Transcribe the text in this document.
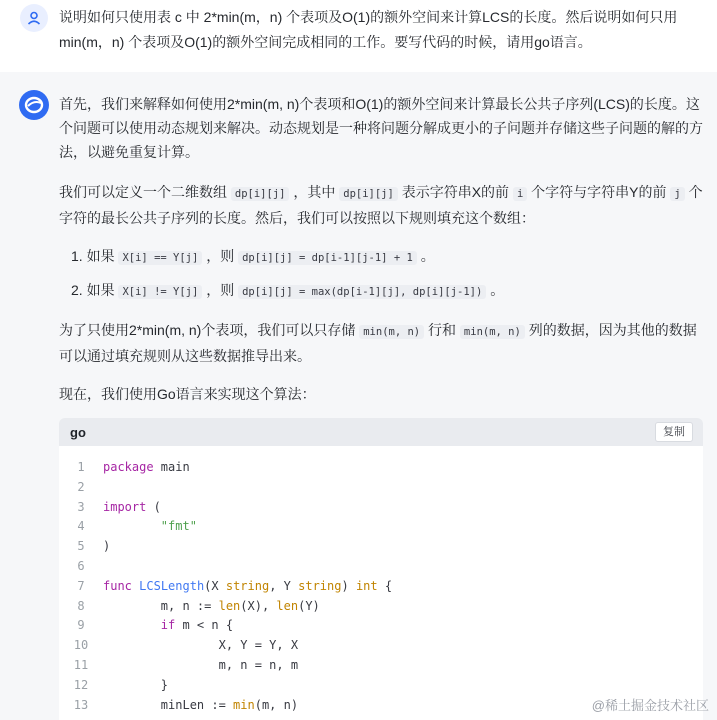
说明如何只使用表 c 中 2*min(m，n) 个表项及O(1)的额外空间来计算LCS的长度。然后说明如何只用 min(m，n) 个表项及O(1)的额外空间完成相同的工作。要写代码的时候，请用go语言。

首先，我们来解释如何使用2*min(m, n)个表项和O(1)的额外空间来计算最长公共子序列(LCS)的长度。这个问题可以使用动态规划来解决。动态规划是一种将问题分解成更小的子问题并存储这些子问题的解的方法，以避免重复计算。

我们可以定义一个二维数组 dp[i][j] ，其中 dp[i][j] 表示字符串X的前 i 个字符与字符串Y的前 j 个字符的最长公共子序列的长度。然后，我们可以按照以下规则填充这个数组：

1. 如果 X[i] == Y[j] ，则 dp[i][j] = dp[i-1][j-1] + 1 。
2. 如果 X[i] != Y[j] ，则 dp[i][j] = max(dp[i-1][j], dp[i][j-1]) 。

为了只使用2*min(m, n)个表项，我们可以只存储 min(m, n) 行和 min(m, n) 列的数据，因为其他的数据可以通过填充规则从这些数据推导出来。

现在，我们使用Go语言来实现这个算法：

go	复制
1	package main
2
3	import (
4	"fmt"
5	)
6
7	func LCSLength(X string, Y string) int {
8	m, n := len(X), len(Y)
9	if m < n {
10	X, Y = Y, X
11	m, n = n, m
12	}
13	minLen := min(m, n)	@稀土掘金技术社区
